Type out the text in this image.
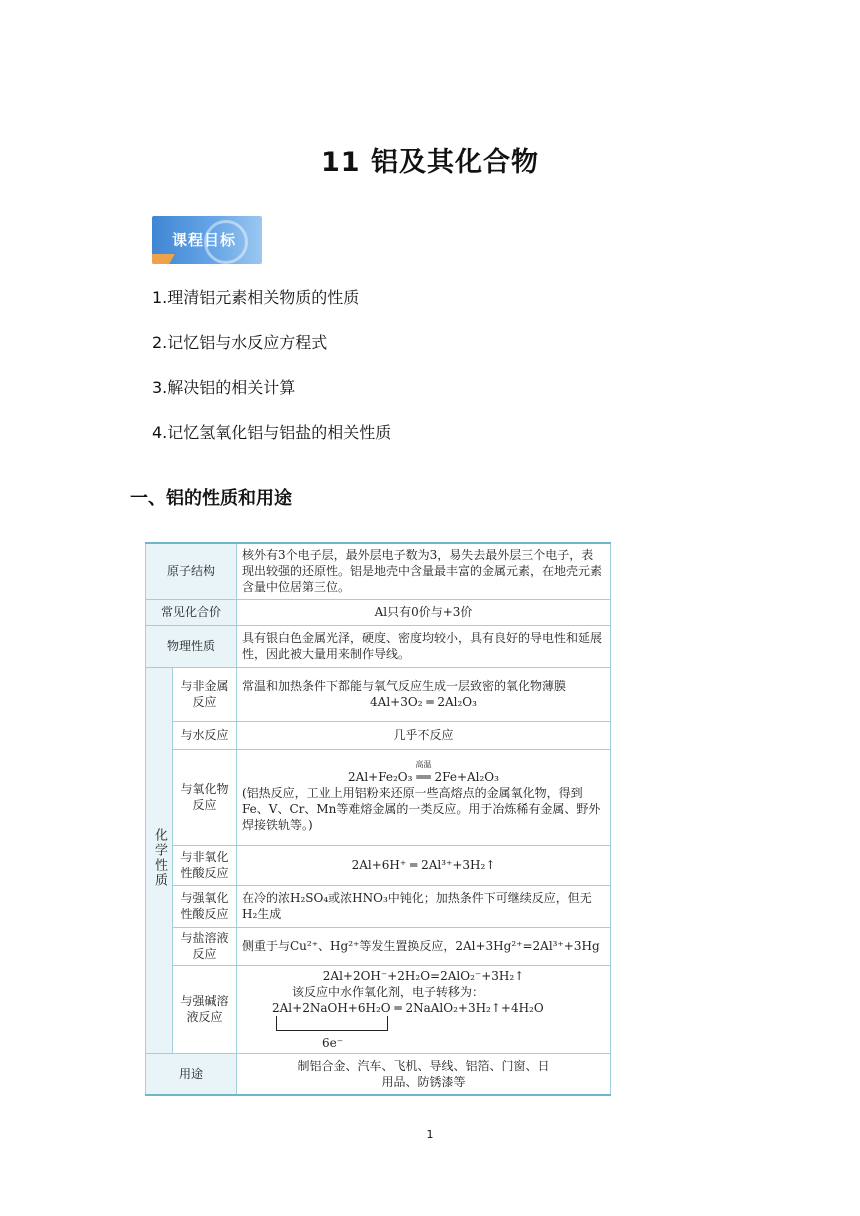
11 铝及其化合物
课程目标
1.理清铝元素相关物质的性质
2.记忆铝与水反应方程式
3.解决铝的相关计算
4.记忆氢氧化铝与铝盐的相关性质
一、铝的性质和用途
原子结构		核外有3个电子层，最外层电子数为3，易失去最外层三个电子，表现出较强的还原性。铝是地壳中含量最丰富的金属元素，在地壳元素含量中位居第三位。
常见化合价		Al只有0价与+3价
物理性质		具有银白色金属光泽，硬度、密度均较小，具有良好的导电性和延展性，因此被大量用来制作导线。
化学性质	与非金属反应	常温和加热条件下都能与氧气反应生成一层致密的氧化物薄膜
4Al+3O₂ ═ 2Al₂O₃

	与水反应	几乎不反应
	与氧化物反应	高温
2Al+Fe₂O₃ ══ 2Fe+Al₂O₃
(铝热反应，工业上用铝粉来还原一些高熔点的金属氧化物，得到Fe、V、Cr、Mn等难熔金属的一类反应。用于冶炼稀有金属、野外焊接铁轨等。)

	与非氧化性酸反应	2Al+6H⁺ ═ 2Al³⁺+3H₂↑
	与强氧化性酸反应	在冷的浓H₂SO₄或浓HNO₃中钝化；加热条件下可继续反应，但无H₂生成
	与盐溶液反应	侧重于与Cu²⁺、Hg²⁺等发生置换反应，2Al+3Hg²⁺=2Al³⁺+3Hg
	与强碱溶液反应	2Al+2OH⁻+2H₂O=2AlO₂⁻+3H₂↑
该反应中水作氧化剂，电子转移为：
2Al+2NaOH+6H₂O ═ 2NaAlO₂+3H₂↑+4H₂O
6e⁻

用途		制铝合金、汽车、飞机、导线、铝箔、门窗、日用品、防锈漆等
1
